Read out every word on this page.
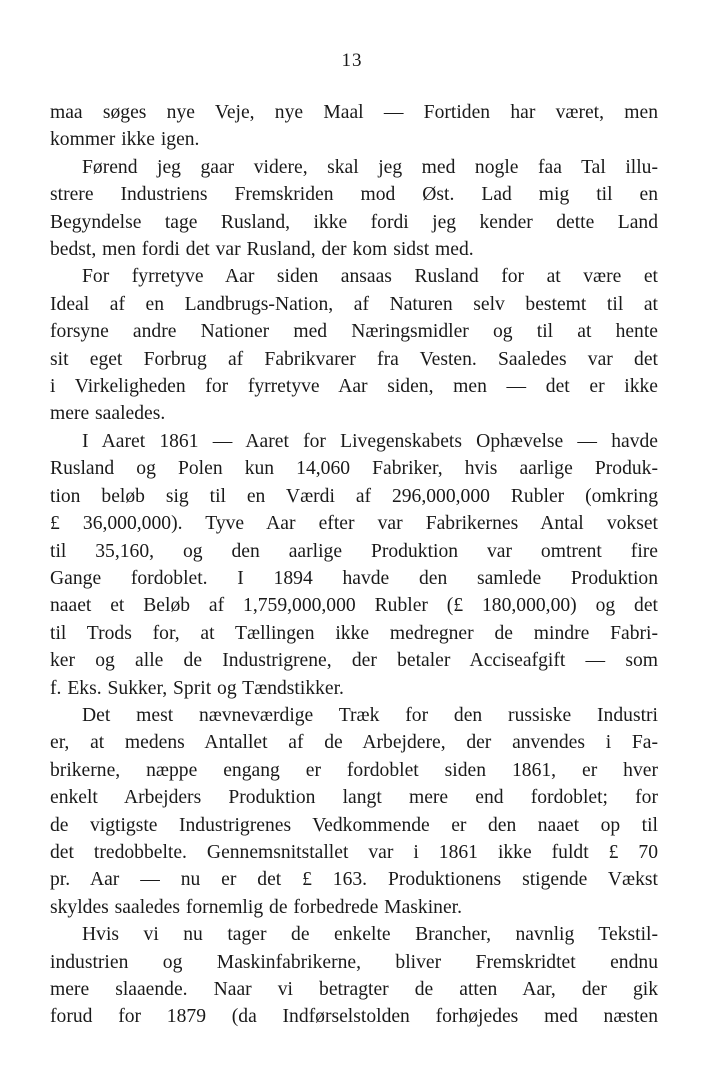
13

maa søges nye Veje, nye Maal — Fortiden har været, men
kommer ikke igen.

Førend jeg gaar videre, skal jeg med nogle faa Tal illu-
strere Industriens Fremskriden mod Øst. Lad mig til en
Begyndelse tage Rusland, ikke fordi jeg kender dette Land
bedst, men fordi det var Rusland, der kom sidst med.

For fyrretyve Aar siden ansaas Rusland for at være et
Ideal af en Landbrugs-Nation, af Naturen selv bestemt til at
forsyne andre Nationer med Næringsmidler og til at hente
sit eget Forbrug af Fabrikvarer fra Vesten. Saaledes var det
i Virkeligheden for fyrretyve Aar siden, men — det er ikke
mere saaledes.

I Aaret 1861 — Aaret for Livegenskabets Ophævelse — havde
Rusland og Polen kun 14,060 Fabriker, hvis aarlige Produk-
tion beløb sig til en Værdi af 296,000,000 Rubler (omkring
£ 36,000,000). Tyve Aar efter var Fabrikernes Antal vokset
til 35,160, og den aarlige Produktion var omtrent fire
Gange fordoblet. I 1894 havde den samlede Produktion
naaet et Beløb af 1,759,000,000 Rubler (£ 180,000,00) og det
til Trods for, at Tællingen ikke medregner de mindre Fabri-
ker og alle de Industrigrene, der betaler Acciseafgift — som
f. Eks. Sukker, Sprit og Tændstikker.

Det mest nævneværdige Træk for den russiske Industri
er, at medens Antallet af de Arbejdere, der anvendes i Fa-
brikerne, næppe engang er fordoblet siden 1861, er hver
enkelt Arbejders Produktion langt mere end fordoblet; for
de vigtigste Industrigrenes Vedkommende er den naaet op til
det tredobbelte. Gennemsnitstallet var i 1861 ikke fuldt £ 70
pr. Aar — nu er det £ 163. Produktionens stigende Vækst
skyldes saaledes fornemlig de forbedrede Maskiner.

Hvis vi nu tager de enkelte Brancher, navnlig Tekstil-
industrien og Maskinfabrikerne, bliver Fremskridtet endnu
mere slaaende. Naar vi betragter de atten Aar, der gik
forud for 1879 (da Indførselstolden forhøjedes med næsten
